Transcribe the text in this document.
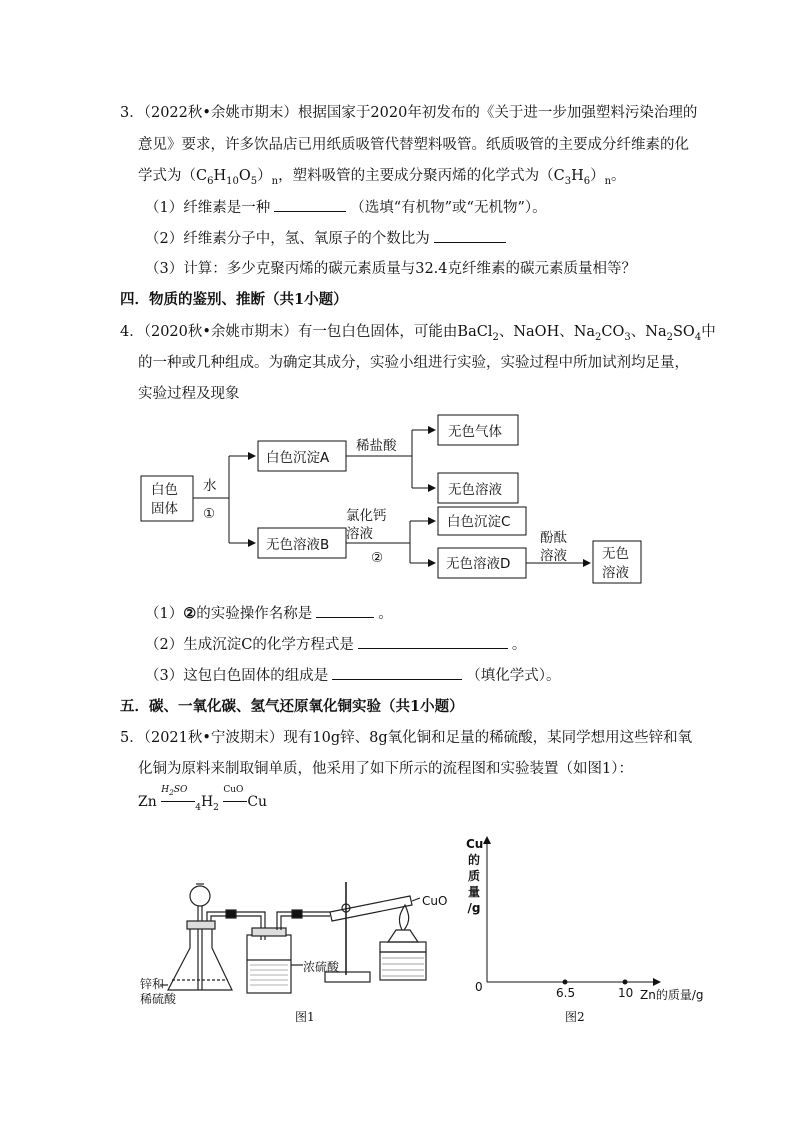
3．（2022秋•余姚市期末）根据国家于2020年初发布的《关于进一步加强塑料污染治理的
意见》要求，许多饮品店已用纸质吸管代替塑料吸管。纸质吸管的主要成分纤维素的化
学式为$(C_6H_{10}O_5)_n$，塑料吸管的主要成分聚丙烯的化学式为$(C_3H_6)_n$。
（1）纤维素是一种	（选填“有机物”或“无机物”）。
（2）纤维素分子中，氢、氧原子的个数比为
（3）计算：多少克聚丙烯的碳元素质量与32.4克纤维素的碳元素质量相等？
四．物质的鉴别、推断（共1小题）
4．（2020秋•余姚市期末）有一包白色固体，可能由BaCl$_2$、NaOH、$Na_2CO_3$、$Na_2SO_4$中
的一种或几种组成。为确定其成分，实验小组进行实验，实验过程中所加试剂均足量，
实验过程及现象
白色
固体
水
①
白色沉淀A
稀盐酸
无色气体
无色溶液
无色溶液B
氯化钙
溶液
②
白色沉淀C
无色溶液D
酚酞
溶液	无色
溶液
（1）②的实验操作名称是	。
（2）生成沉淀C的化学方程式是	。
（3）这包白色固体的组成是	（填化学式）。
五．碳、一氧化碳、氢气还原氧化铜实验（共1小题）
5．（2021秋•宁波期末）现有10g锌、8g氧化铜和足量的稀硫酸，某同学想用这些锌和氧
化铜为原料来制取铜单质，他采用了如下所示的流程图和实验装置（如图1）：
Zn
$H_2SO$
$_4H_2$
CuO
Cu
CuO
浓硫酸
锌和
稀硫酸
图1
Cu
的
质
量
/g
0	6.5	10 Zn的质量/g
图2
